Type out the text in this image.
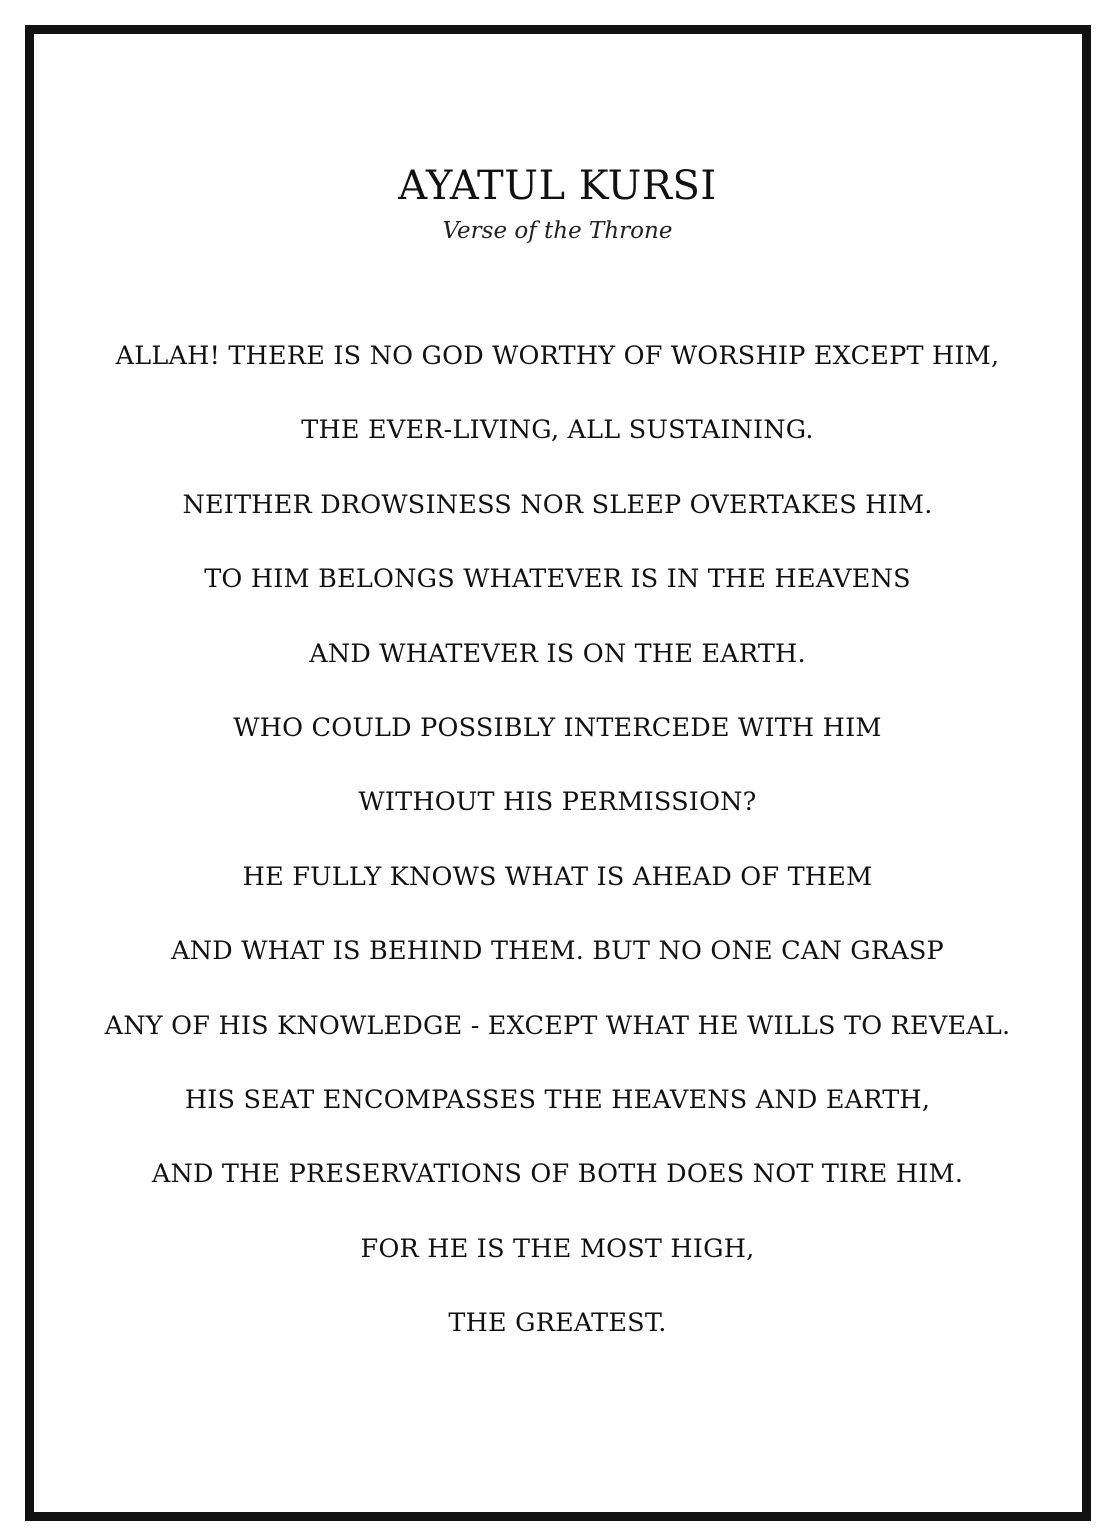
AYATUL KURSI
Verse of the Throne
ALLAH! THERE IS NO GOD WORTHY OF WORSHIP EXCEPT HIM,
THE EVER-LIVING, ALL SUSTAINING.
NEITHER DROWSINESS NOR SLEEP OVERTAKES HIM.
TO HIM BELONGS WHATEVER IS IN THE HEAVENS
AND WHATEVER IS ON THE EARTH.
WHO COULD POSSIBLY INTERCEDE WITH HIM
WITHOUT HIS PERMISSION?
HE FULLY KNOWS WHAT IS AHEAD OF THEM
AND WHAT IS BEHIND THEM. BUT NO ONE CAN GRASP
ANY OF HIS KNOWLEDGE - EXCEPT WHAT HE WILLS TO REVEAL.
HIS SEAT ENCOMPASSES THE HEAVENS AND EARTH,
AND THE PRESERVATIONS OF BOTH DOES NOT TIRE HIM.
FOR HE IS THE MOST HIGH,
THE GREATEST.
